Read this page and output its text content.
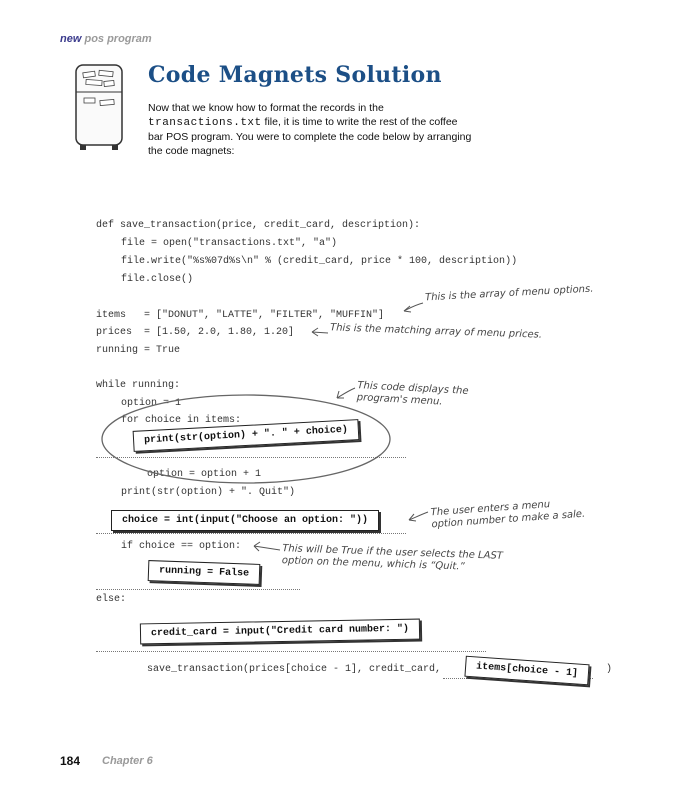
new pos program
Code Magnets Solution
Now that we know how to format the records in the
transactions.txt file, it is time to write the rest of the coffee
bar POS program. You were to complete the code below by arranging
the code magnets:
def save_transaction(price, credit_card, description):
file = open("transactions.txt", "a")
file.write("%s%07d%s\n" % (credit_card, price * 100, description))
file.close()
items   = ["DONUT", "LATTE", "FILTER", "MUFFIN"]
prices  = [1.50, 2.0, 1.80, 1.20]
running = True
while running:
option = 1
for choice in items:
option = option + 1
print(str(option) + ". Quit")
if choice == option:
else:
save_transaction(prices[choice - 1], credit_card,	)
print(str(option) + ". " + choice)
choice = int(input("Choose an option: "))
running = False
credit_card = input("Credit card number: ")
items[choice - 1]
This is the array of menu options.
This is the matching array of menu prices.
This code displays the
program's menu.
The user enters a menu
option number to make a sale.
This will be True if the user selects the LAST
option on the menu, which is “Quit.”
184 Chapter 6
